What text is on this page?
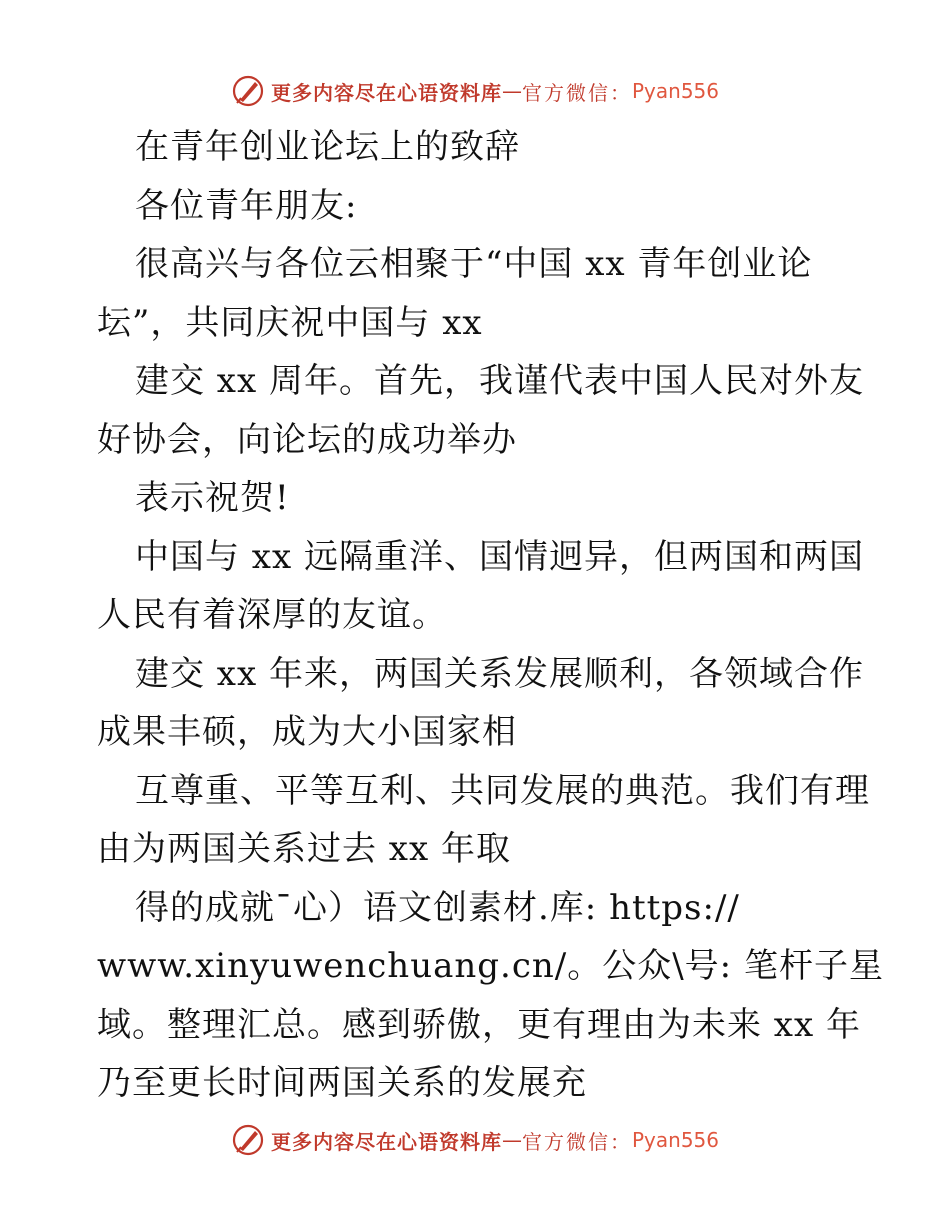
更多内容尽在心语资料库 — 官方微信： Pyan556
在青年创业论坛上的致辞
各位青年朋友:
很高兴与各位云相聚于“中国 xx 青年创业论
坛”，共同庆祝中国与 xx
建交 xx 周年。首先，我谨代表中国人民对外友
好协会，向论坛的成功举办
表示祝贺!
中国与 xx 远隔重洋、国情迥异，但两国和两国
人民有着深厚的友谊。
建交 xx 年来，两国关系发展顺利，各领域合作
成果丰硕，成为大小国家相
互尊重、平等互利、共同发展的典范。我们有理
由为两国关系过去 xx 年取
得的成就¯心）语文创素材.库: https://
www.xinyuwenchuang.cn/。公众\号: 笔杆子星
域。整理汇总。感到骄傲，更有理由为未来 xx 年
乃至更长时间两国关系的发展充
更多内容尽在心语资料库 — 官方微信： Pyan556
